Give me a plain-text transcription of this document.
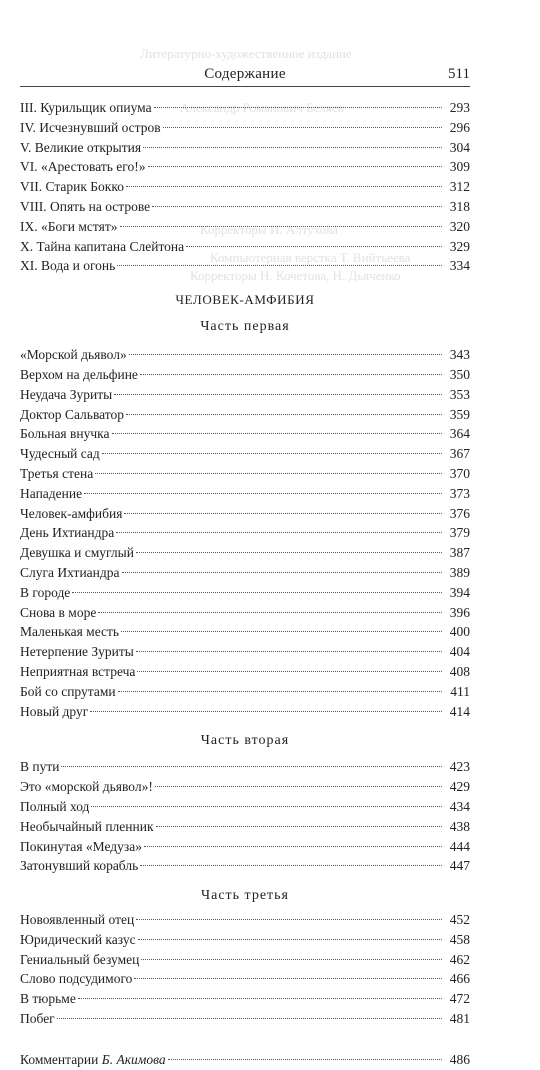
Литературно-художественное издание
Александр Романович Беляев
Корректоры И. Алтухова
Компьютерная верстка Т. Вийтьеева
Корректоры Н. Кочетова, Н. Дьяченко
Содержание	511
III. Курильщик опиума	293
IV. Исчезнувший остров	296
V. Великие открытия	304
VI. «Арестовать его!»	309
VII. Старик Бокко	312
VIII. Опять на острове	318
IX. «Боги мстят»	320
X. Тайна капитана Слейтона	329
XI. Вода и огонь	334
ЧЕЛОВЕК-АМФИБИЯ
Часть первая
«Морской дьявол»	343
Верхом на дельфине	350
Неудача Зуриты	353
Доктор Сальватор	359
Больная внучка	364
Чудесный сад	367
Третья стена	370
Нападение	373
Человек-амфибия	376
День Ихтиандра	379
Девушка и смуглый	387
Слуга Ихтиандра	389
В городе	394
Снова в море	396
Маленькая месть	400
Нетерпение Зуриты	404
Неприятная встреча	408
Бой со спрутами	411
Новый друг	414
Часть вторая
В пути	423
Это «морской дьявол»!	429
Полный ход	434
Необычайный пленник	438
Покинутая «Медуза»	444
Затонувший корабль	447
Часть третья
Новоявленный отец	452
Юридический казус	458
Гениальный безумец	462
Слово подсудимого	466
В тюрьме	472
Побег	481
Комментарии Б. Акимова	486
